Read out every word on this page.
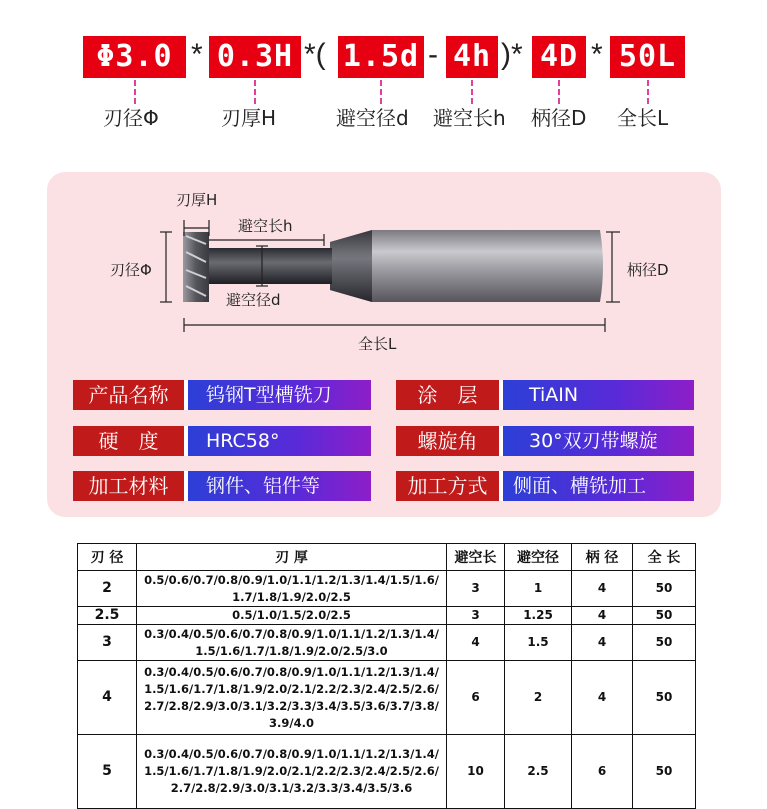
Φ3.0 * 0.3H *( 1.5d - 4h )* 4D * 50L
刃径Φ	刃厚H	避空径d 避空长h 柄径D 全长L
刃厚H
避空长h
刃径Φ
避空径d
柄径D
全长L
产品名称	钨钢T型槽铣刀	涂　层	TiAIN
硬　度	HRC58°	螺旋角	30°双刃带螺旋
加工材料	钢件、铝件等	加工方式	侧面、槽铣加工
刃 径	刃 厚	避空长	避空径	柄 径	全 长
2	0.5/0.6/0.7/0.8/0.9/1.0/1.1/1.2/1.3/1.4/1.5/1.6/1.7/1.8/1.9/2.0/2.5	3	1	4	50
2.5	0.5/1.0/1.5/2.0/2.5	3	1.25	4	50
3	0.3/0.4/0.5/0.6/0.7/0.8/0.9/1.0/1.1/1.2/1.3/1.4/1.5/1.6/1.7/1.8/1.9/2.0/2.5/3.0	4	1.5	4	50
4	0.3/0.4/0.5/0.6/0.7/0.8/0.9/1.0/1.1/1.2/1.3/1.4/1.5/1.6/1.7/1.8/1.9/2.0/2.1/2.2/2.3/2.4/2.5/2.6/2.7/2.8/2.9/3.0/3.1/3.2/3.3/3.4/3.5/3.6/3.7/3.8/3.9/4.0	6	2	4	50
5	0.3/0.4/0.5/0.6/0.7/0.8/0.9/1.0/1.1/1.2/1.3/1.4/1.5/1.6/1.7/1.8/1.9/2.0/2.1/2.2/2.3/2.4/2.5/2.6/2.7/2.8/2.9/3.0/3.1/3.2/3.3/3.4/3.5/3.6	10	2.5	6	50
